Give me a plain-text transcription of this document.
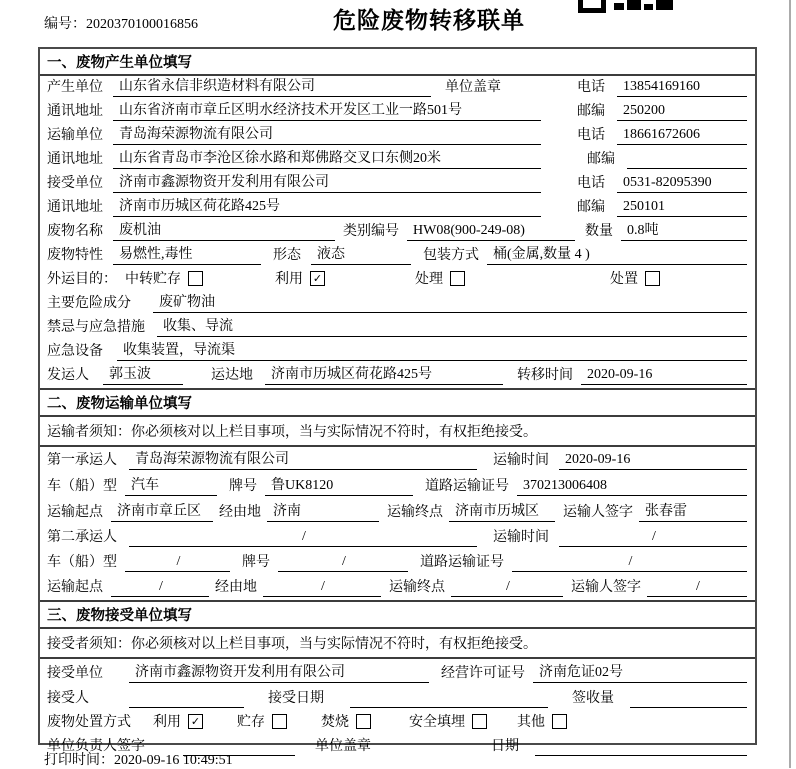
编号：2020370100016856	危险废物转移联单
一、废物产生单位填写
产生单位	山东省永信非织造材料有限公司	单位盖章	电话	13854169160
通讯地址	山东省济南市章丘区明水经济技术开发区工业一路501号	邮编	250200
运输单位	青岛海荣源物流有限公司	电话	18661672606
通讯地址	山东省青岛市李沧区徐水路和郑佛路交叉口东侧20米	邮编
接受单位	济南市鑫源物资开发利用有限公司	电话	0531-82095390
通讯地址	济南市历城区荷花路425号	邮编	250101
废物名称	废机油	类别编号	HW08(900-249-08)	数量	0.8吨
废物特性	易燃性,毒性	形态	液态	包装方式	桶(金属,数量 4 )
外运目的： 中转贮存	利用 ✓	处理	处置
主要危险成分	废矿物油
禁忌与应急措施	收集、导流
应急设备	收集装置，导流渠
发运人	郭玉波	运达地	济南市历城区荷花路425号	转移时间	2020-09-16
二、废物运输单位填写
运输者须知：你必须核对以上栏目事项，当与实际情况不符时，有权拒绝接受。
第一承运人	青岛海荣源物流有限公司	运输时间	2020-09-16
车（船）型	汽车	牌号	鲁UK8120	道路运输证号	370213006408
运输起点	济南市章丘区	经由地 济南	运输终点 济南市历城区	运输人签字 张春雷
第二承运人	/	运输时间	/
车（船）型	/	牌号	/	道路运输证号	/
运输起点	/	经由地	/	运输终点	/	运输人签字	/
三、废物接受单位填写
接受者须知：你必须核对以上栏目事项，当与实际情况不符时，有权拒绝接受。
接受单位	济南市鑫源物资开发利用有限公司	经营许可证号	济南危证02号
接受人	接受日期	签收量
废物处置方式 利用 ✓	贮存	焚烧	安全填埋	其他
单位负责人签字	单位盖章	日期
打印时间：2020-09-16 10:49:51
